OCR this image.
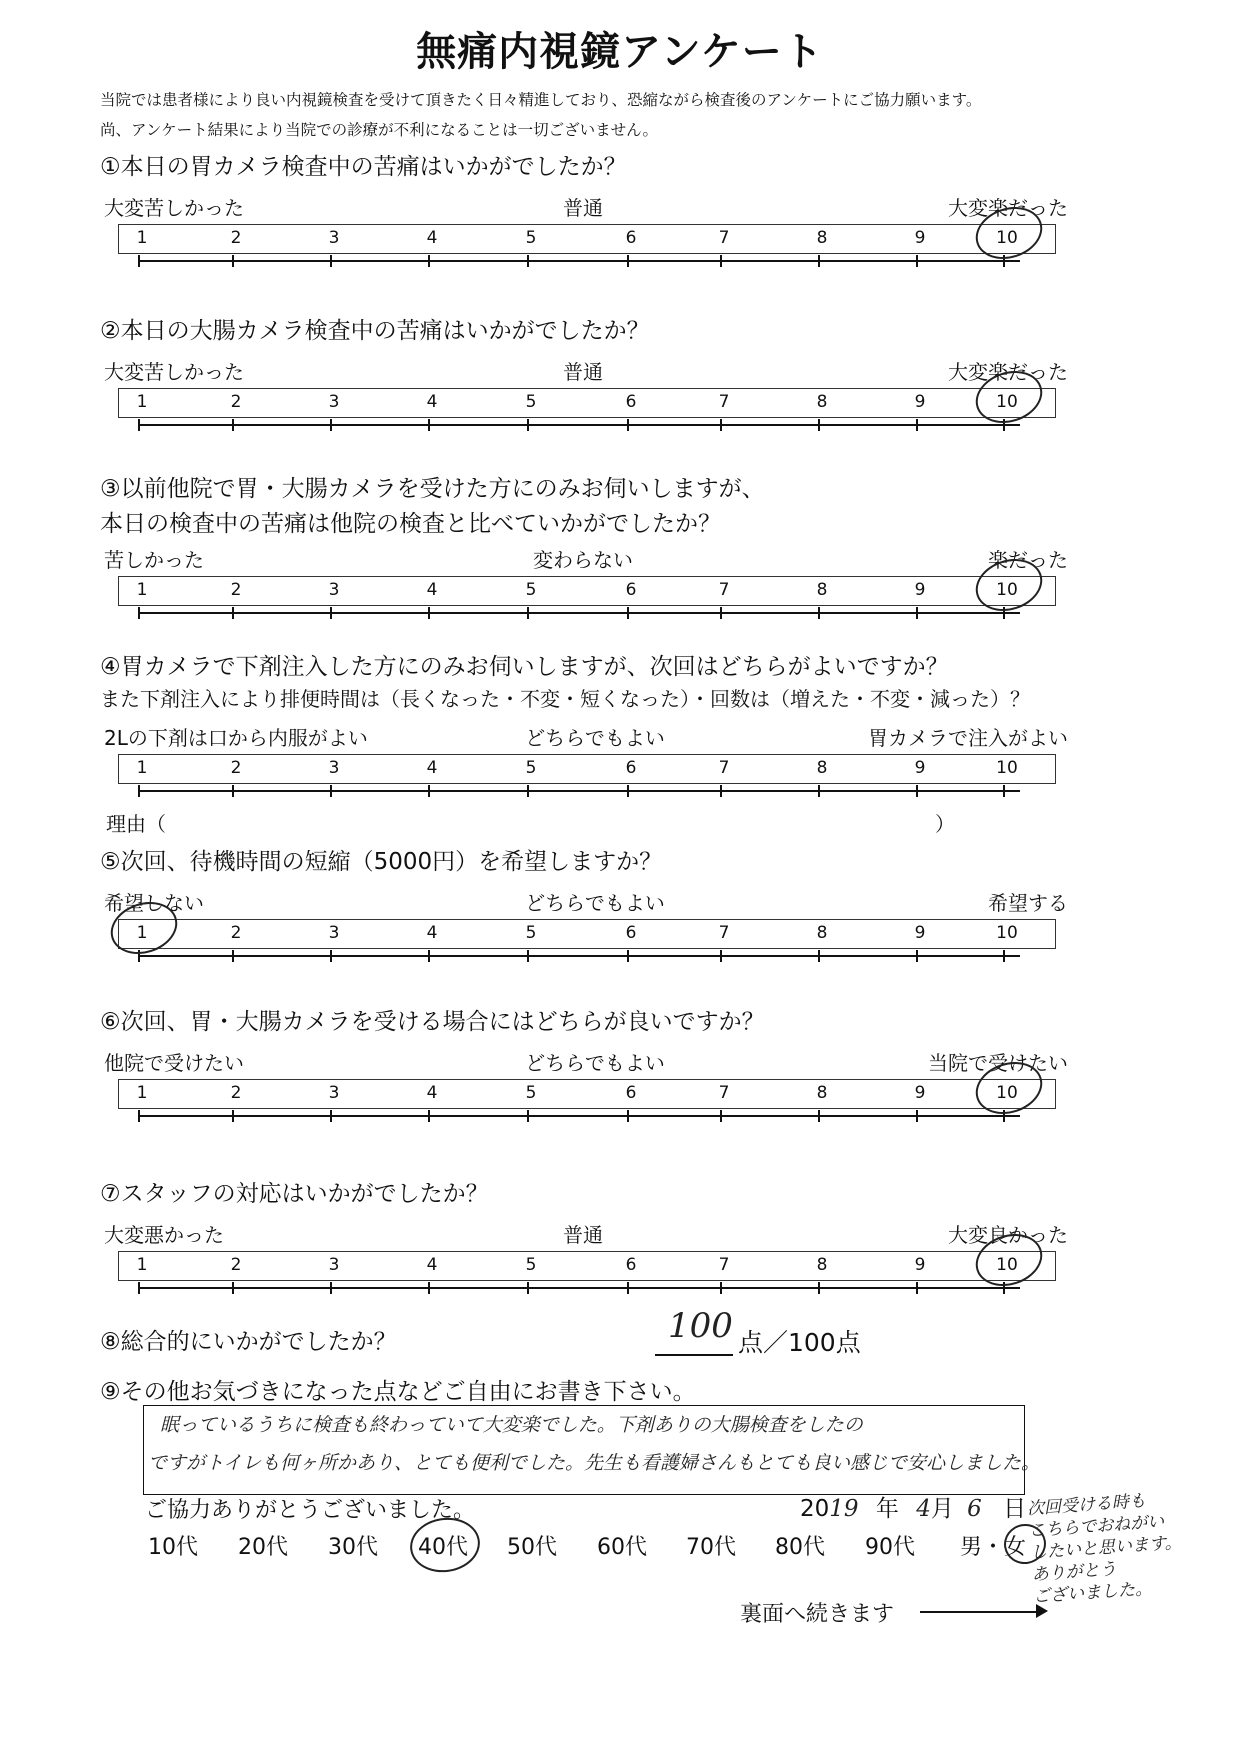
無痛内視鏡アンケート
当院では患者様により良い内視鏡検査を受けて頂きたく日々精進しており、恐縮ながら検査後のアンケートにご協力願います。
尚、アンケート結果により当院での診療が不利になることは一切ございません。
①本日の胃カメラ検査中の苦痛はいかがでしたか？
大変苦しかった	普通	大変楽だった
1	2	3	4	5	6	7	8	9	10
②本日の大腸カメラ検査中の苦痛はいかがでしたか？
大変苦しかった	普通	大変楽だった
1	2	3	4	5	6	7	8	9	10
③以前他院で胃・大腸カメラを受けた方にのみお伺いしますが、
本日の検査中の苦痛は他院の検査と比べていかがでしたか？
苦しかった	変わらない	楽だった
1	2	3	4	5	6	7	8	9	10
④胃カメラで下剤注入した方にのみお伺いしますが、次回はどちらがよいですか？
また下剤注入により排便時間は（長くなった・不変・短くなった）・回数は（増えた・不変・減った）？
2Lの下剤は口から内服がよい	どちらでもよい	胃カメラで注入がよい
1	2	3	4	5	6	7	8	9	10
⑤次回、待機時間の短縮（5000円）を希望しますか？
希望しない	どちらでもよい	希望する
1	2	3	4	5	6	7	8	9	10
⑥次回、胃・大腸カメラを受ける場合にはどちらが良いですか？
他院で受けたい	どちらでもよい	当院で受けたい
1	2	3	4	5	6	7	8	9	10
⑦スタッフの対応はいかがでしたか？
大変悪かった	普通	大変良かった
1	2	3	4	5	6	7	8	9	10
理由（	）
⑧総合的にいかがでしたか？	100 点／100点
⑨その他お気づきになった点などご自由にお書き下さい。
眠っているうちに検査も終わっていて大変楽でした。下剤ありの大腸検査をしたの
ですがトイレも何ヶ所かあり、とても便利でした。先生も看護婦さんもとても良い感じで安心しました。
次回受ける時も
こちらでおねがい
したいと思います。
ありがとう
ございました。
ご協力ありがとうございました。	2019 年 4月 6 日
10代 20代 30代 40代 50代 60代 70代 80代 90代 男・女
裏面へ続きます
